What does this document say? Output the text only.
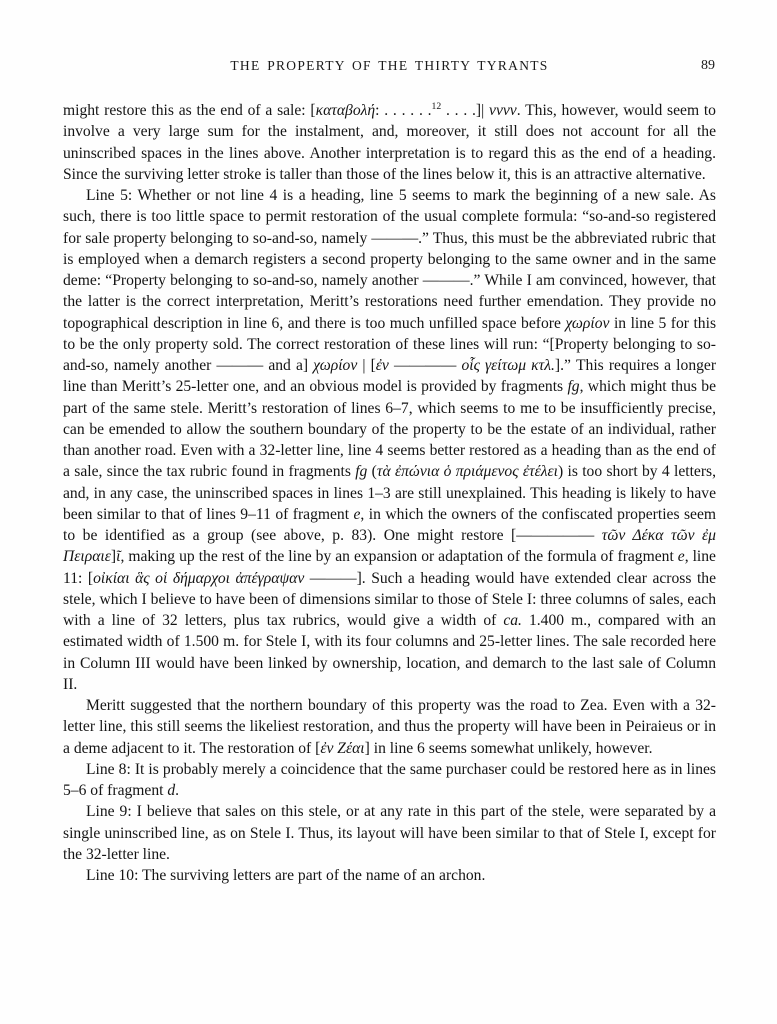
THE PROPERTY OF THE THIRTY TYRANTS	89

might restore this as the end of a sale: [καταβολή: . . . . . .$^{12}$ . . . .]| vvvv. This, however, would seem to involve a very large sum for the instalment, and, moreover, it still does not account for all the uninscribed spaces in the lines above. Another interpretation is to regard this as the end of a heading. Since the surviving letter stroke is taller than those of the lines below it, this is an attractive alternative.

Line 5: Whether or not line 4 is a heading, line 5 seems to mark the beginning of a new sale. As such, there is too little space to permit restoration of the usual complete formula: “so-and-so registered for sale property belonging to so-and-so, namely ———.” Thus, this must be the abbreviated rubric that is employed when a demarch registers a second property belonging to the same owner and in the same deme: “Property belonging to so-and-so, namely another ———.” While I am convinced, however, that the latter is the correct interpretation, Meritt’s restorations need further emendation. They provide no topographical description in line 6, and there is too much unfilled space before χωρίον in line 5 for this to be the only property sold. The correct restoration of these lines will run: “[Property belonging to so-and-so, namely another ——— and a] χωρίον | [ἐν ———— οἷς γείτωμ κτλ.].” This requires a longer line than Meritt’s 25-letter one, and an obvious model is provided by fragments fg, which might thus be part of the same stele. Meritt’s restoration of lines 6–7, which seems to me to be insufficiently precise, can be emended to allow the southern boundary of the property to be the estate of an individual, rather than another road. Even with a 32-letter line, line 4 seems better restored as a heading than as the end of a sale, since the tax rubric found in fragments fg (τὰ ἐπώνια ὁ πριάμενος ἐτέλει) is too short by 4 letters, and, in any case, the uninscribed spaces in lines 1–3 are still unexplained. This heading is likely to have been similar to that of lines 9–11 of fragment e, in which the owners of the confiscated properties seem to be identified as a group (see above, p. 83). One might restore [————— τῶν Δέκα τῶν ἐμ Πειραιε]ῖ, making up the rest of the line by an expansion or adaptation of the formula of fragment e, line 11: [οἰκίαι ἃς οἱ δήμαρχοι ἀπέγραψαν ———]. Such a heading would have extended clear across the stele, which I believe to have been of dimensions similar to those of Stele I: three columns of sales, each with a line of 32 letters, plus tax rubrics, would give a width of ca. 1.400 m., compared with an estimated width of 1.500 m. for Stele I, with its four columns and 25-letter lines. The sale recorded here in Column III would have been linked by ownership, location, and demarch to the last sale of Column II.

Meritt suggested that the northern boundary of this property was the road to Zea. Even with a 32-letter line, this still seems the likeliest restoration, and thus the property will have been in Peiraieus or in a deme adjacent to it. The restoration of [ἐν Ζέαι] in line 6 seems somewhat unlikely, however.

Line 8: It is probably merely a coincidence that the same purchaser could be restored here as in lines 5–6 of fragment d.

Line 9: I believe that sales on this stele, or at any rate in this part of the stele, were separated by a single uninscribed line, as on Stele I. Thus, its layout will have been similar to that of Stele I, except for the 32-letter line.

Line 10: The surviving letters are part of the name of an archon.
